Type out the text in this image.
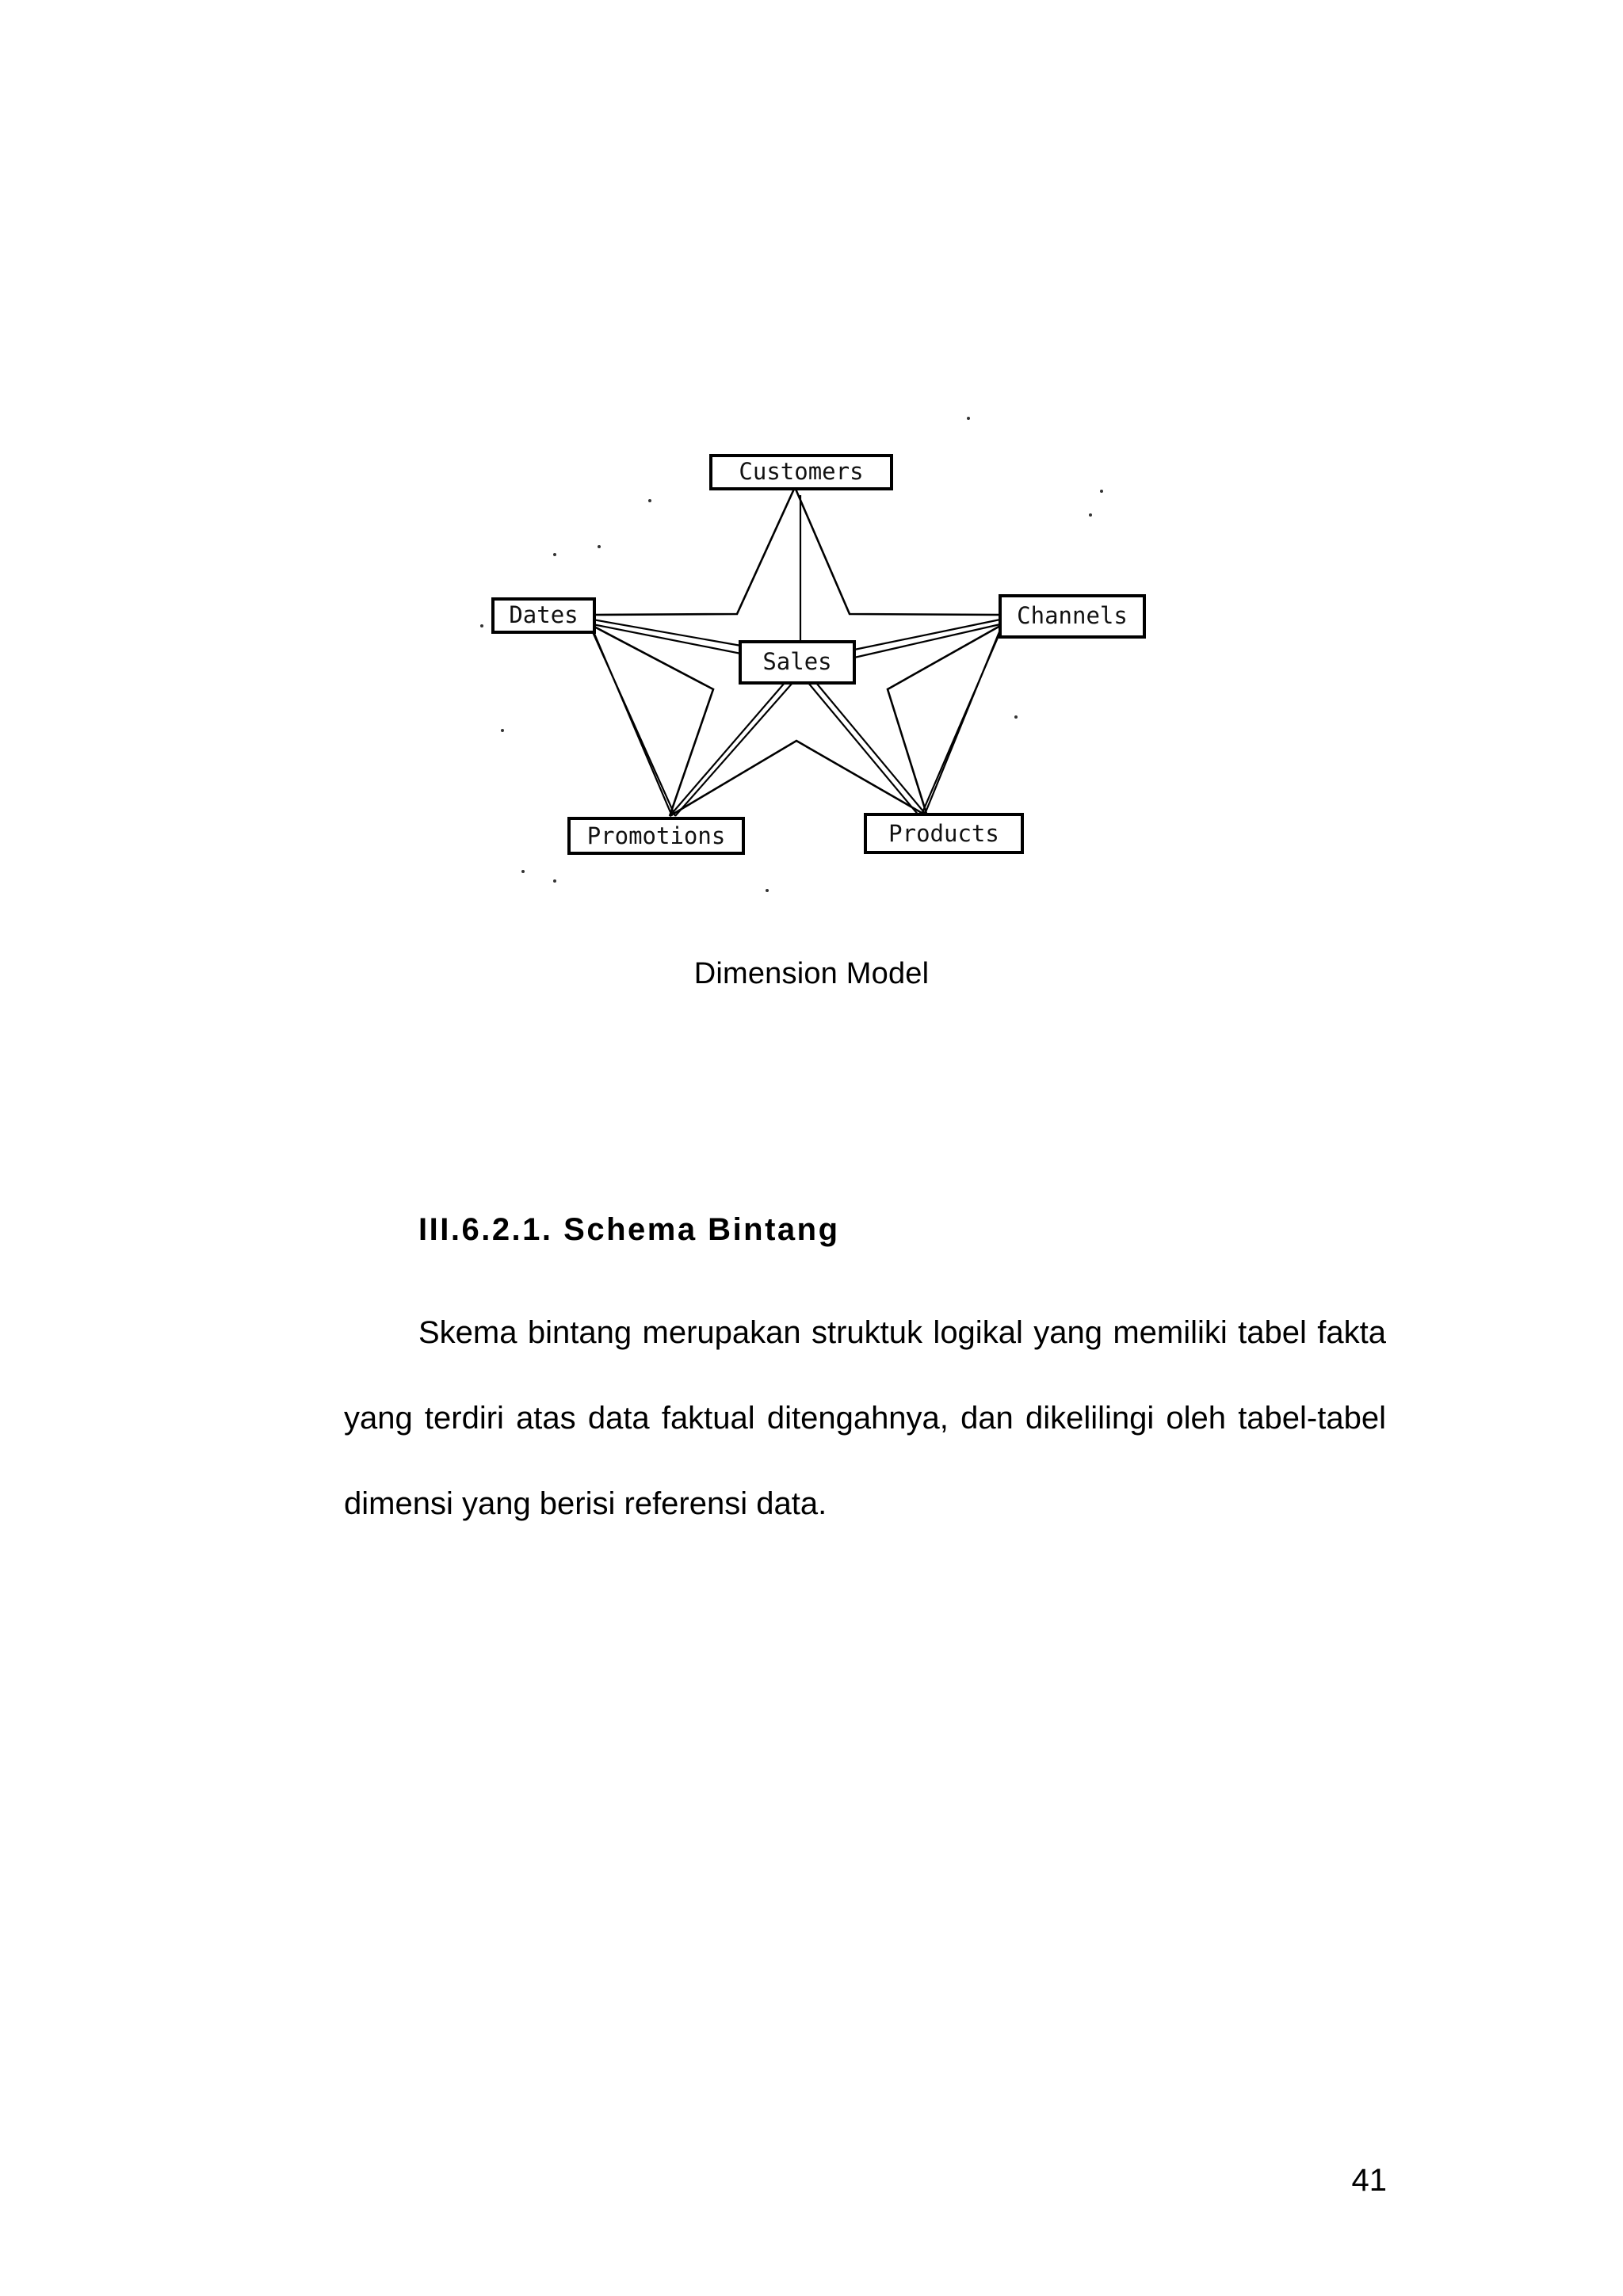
Customers
Dates	Channels
Sales
Promotions	Products
Dimension Model
III.6.2.1. Schema Bintang

Skema bintang merupakan struktuk logikal yang memiliki tabel fakta yang terdiri atas data faktual ditengahnya, dan dikelilingi oleh tabel-tabel dimensi yang berisi referensi data.

41
